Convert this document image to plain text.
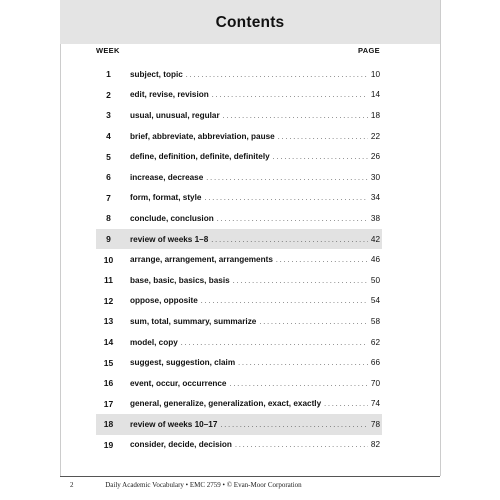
Contents
WEEK	PAGE
1	subject, topic . . .	10
2	edit, revise, revision . . .	14
3	usual, unusual, regular . . .	18
4	brief, abbreviate, abbreviation, pause . . .	22
5	define, definition, definite, definitely . . .	26
6	increase, decrease . . .	30
7	form, format, style . . .	34
8	conclude, conclusion . . .	38
9	review of weeks 1–8 . . .	42
10	arrange, arrangement, arrangements . . .	46
11	base, basic, basics, basis . . .	50
12	oppose, opposite . . .	54
13	sum, total, summary, summarize . . .	58
14	model, copy . . .	62
15	suggest, suggestion, claim . . .	66
16	event, occur, occurrence . . .	70
17	general, generalize, generalization, exact, exactly . . .	74
18	review of weeks 10–17 . . .	78
19	consider, decide, decision . . .	82
2	Daily Academic Vocabulary • EMC 2759 • © Evan-Moor Corporation
